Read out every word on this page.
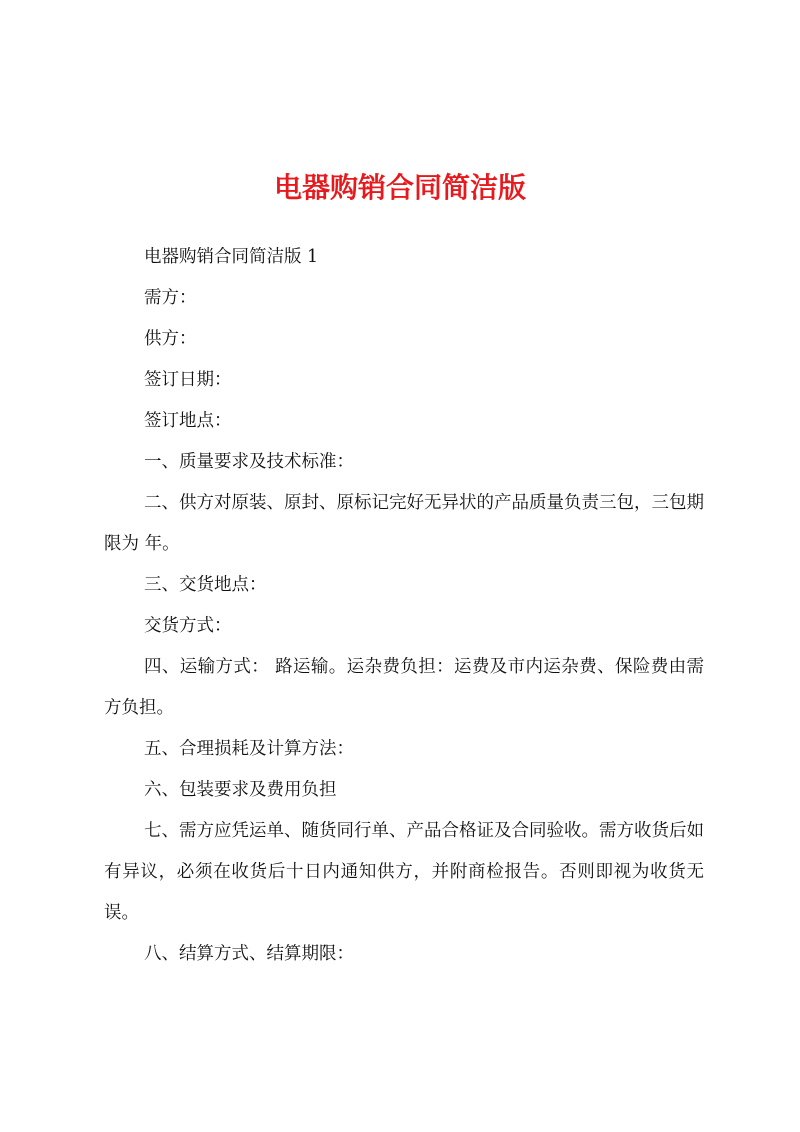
电器购销合同简洁版

电器购销合同简洁版 1

需方：

供方：

签订日期：

签订地点：

一、质量要求及技术标准：

二、供方对原装、原封、原标记完好无异状的产品质量负责三包，三包期限为 年。

三、交货地点：

交货方式：

四、运输方式： 路运输。运杂费负担：运费及市内运杂费、保险费由需方负担。

五、合理损耗及计算方法：

六、包装要求及费用负担

七、需方应凭运单、随货同行单、产品合格证及合同验收。需方收货后如有异议，必须在收货后十日内通知供方，并附商检报告。否则即视为收货无误。

八、结算方式、结算期限：
